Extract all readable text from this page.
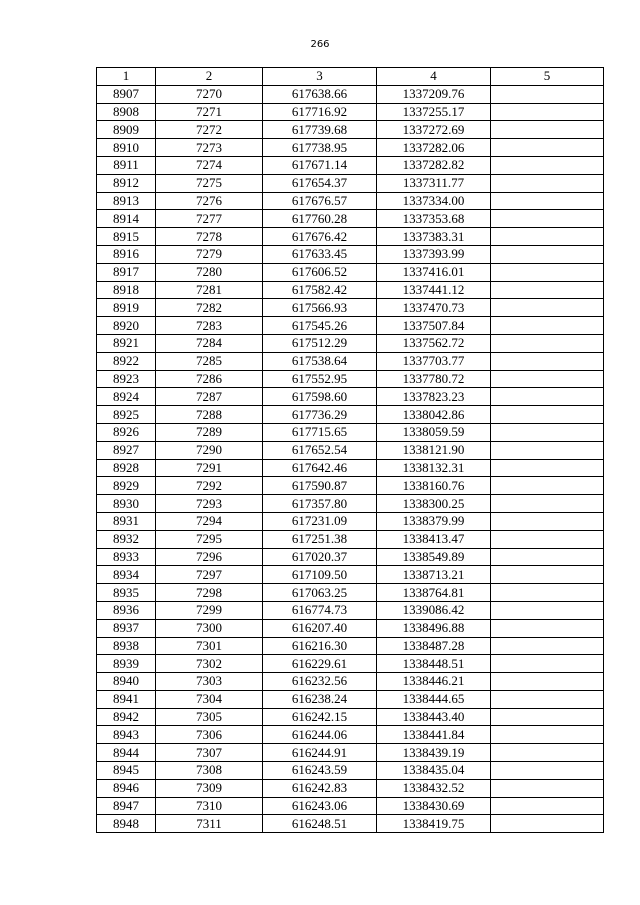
266
1	2	3	4	5
8907	7270	617638.66	1337209.76	
8908	7271	617716.92	1337255.17	
8909	7272	617739.68	1337272.69	
8910	7273	617738.95	1337282.06	
8911	7274	617671.14	1337282.82	
8912	7275	617654.37	1337311.77	
8913	7276	617676.57	1337334.00	
8914	7277	617760.28	1337353.68	
8915	7278	617676.42	1337383.31	
8916	7279	617633.45	1337393.99	
8917	7280	617606.52	1337416.01	
8918	7281	617582.42	1337441.12	
8919	7282	617566.93	1337470.73	
8920	7283	617545.26	1337507.84	
8921	7284	617512.29	1337562.72	
8922	7285	617538.64	1337703.77	
8923	7286	617552.95	1337780.72	
8924	7287	617598.60	1337823.23	
8925	7288	617736.29	1338042.86	
8926	7289	617715.65	1338059.59	
8927	7290	617652.54	1338121.90	
8928	7291	617642.46	1338132.31	
8929	7292	617590.87	1338160.76	
8930	7293	617357.80	1338300.25	
8931	7294	617231.09	1338379.99	
8932	7295	617251.38	1338413.47	
8933	7296	617020.37	1338549.89	
8934	7297	617109.50	1338713.21	
8935	7298	617063.25	1338764.81	
8936	7299	616774.73	1339086.42	
8937	7300	616207.40	1338496.88	
8938	7301	616216.30	1338487.28	
8939	7302	616229.61	1338448.51	
8940	7303	616232.56	1338446.21	
8941	7304	616238.24	1338444.65	
8942	7305	616242.15	1338443.40	
8943	7306	616244.06	1338441.84	
8944	7307	616244.91	1338439.19	
8945	7308	616243.59	1338435.04	
8946	7309	616242.83	1338432.52	
8947	7310	616243.06	1338430.69	
8948	7311	616248.51	1338419.75	
